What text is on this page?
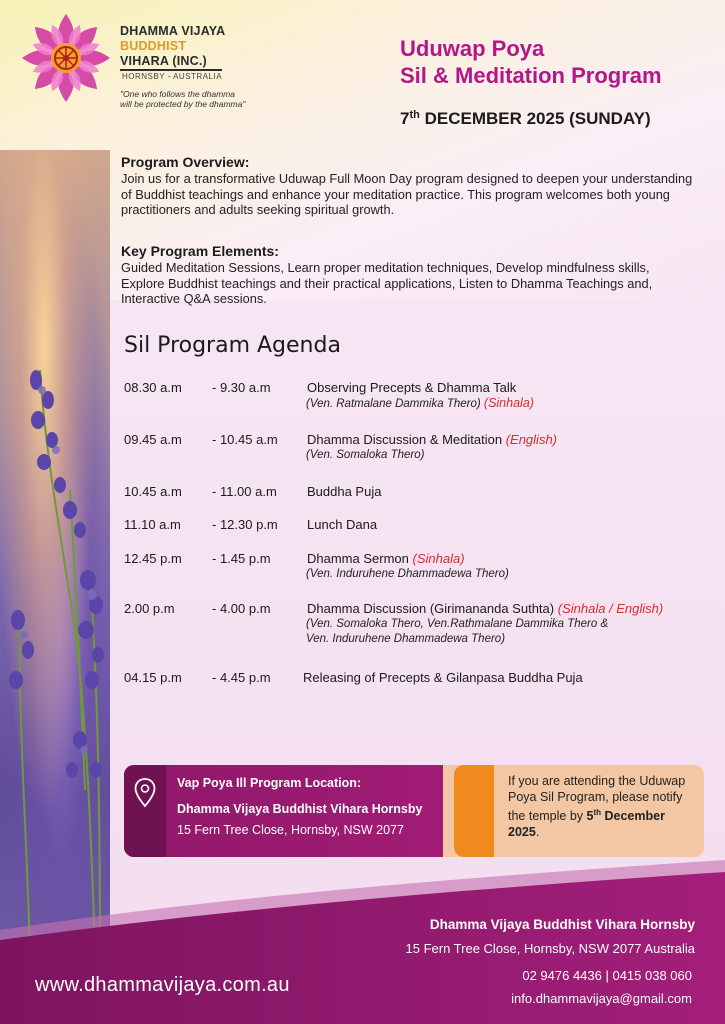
DHAMMA VIJAYA
BUDDHIST
VIHARA (INC.)
HORNSBY - AUSTRALIA
"One who follows the dhamma
will be protected by the dhamma"
Uduwap Poya
Sil & Meditation Program
7th DECEMBER 2025 (SUNDAY)
Program Overview:
Join us for a transformative Uduwap Full Moon Day program designed to deepen your understanding of Buddhist teachings and enhance your meditation practice. This program welcomes both young practitioners and adults seeking spiritual growth.
Key Program Elements:
Guided Meditation Sessions, Learn proper meditation techniques, Develop mindfulness skills, Explore Buddhist teachings and their practical applications, Listen to Dhamma Teachings and, Interactive Q&A sessions.
Sil Program Agenda
08.30 a.m - 9.30 a.m	Observing Precepts & Dhamma Talk
(Ven. Ratmalane Dammika Thero) (Sinhala)
09.45 a.m - 10.45 a.m Dhamma Discussion & Meditation (English)
(Ven. Somaloka Thero)
10.45 a.m - 11.00 a.m Buddha Puja
11.10 a.m - 12.30 p.m Lunch Dana
12.45 p.m - 1.45 p.m	Dhamma Sermon (Sinhala)
(Ven. Induruhene Dhammadewa Thero)
2.00 p.m	- 4.00 p.m	Dhamma Discussion (Girimananda Suthta) (Sinhala / English)
(Ven. Somaloka Thero, Ven.Rathmalane Dammika Thero &
Ven. Induruhene Dhammadewa Thero)
04.15 p.m - 4.45 p.m Releasing of Precepts & Gilanpasa Buddha Puja
Vap Poya Ill Program Location:
Dhamma Vijaya Buddhist Vihara Hornsby
15 Fern Tree Close, Hornsby, NSW 2077
If you are attending the Uduwap Poya Sil Program, please notify the temple by 5th December 2025.
Dhamma Vijaya Buddhist Vihara Hornsby
15 Fern Tree Close, Hornsby, NSW 2077 Australia
02 9476 4436 | 0415 038 060
info.dhammavijaya@gmail.com
www.dhammavijaya.com.au
